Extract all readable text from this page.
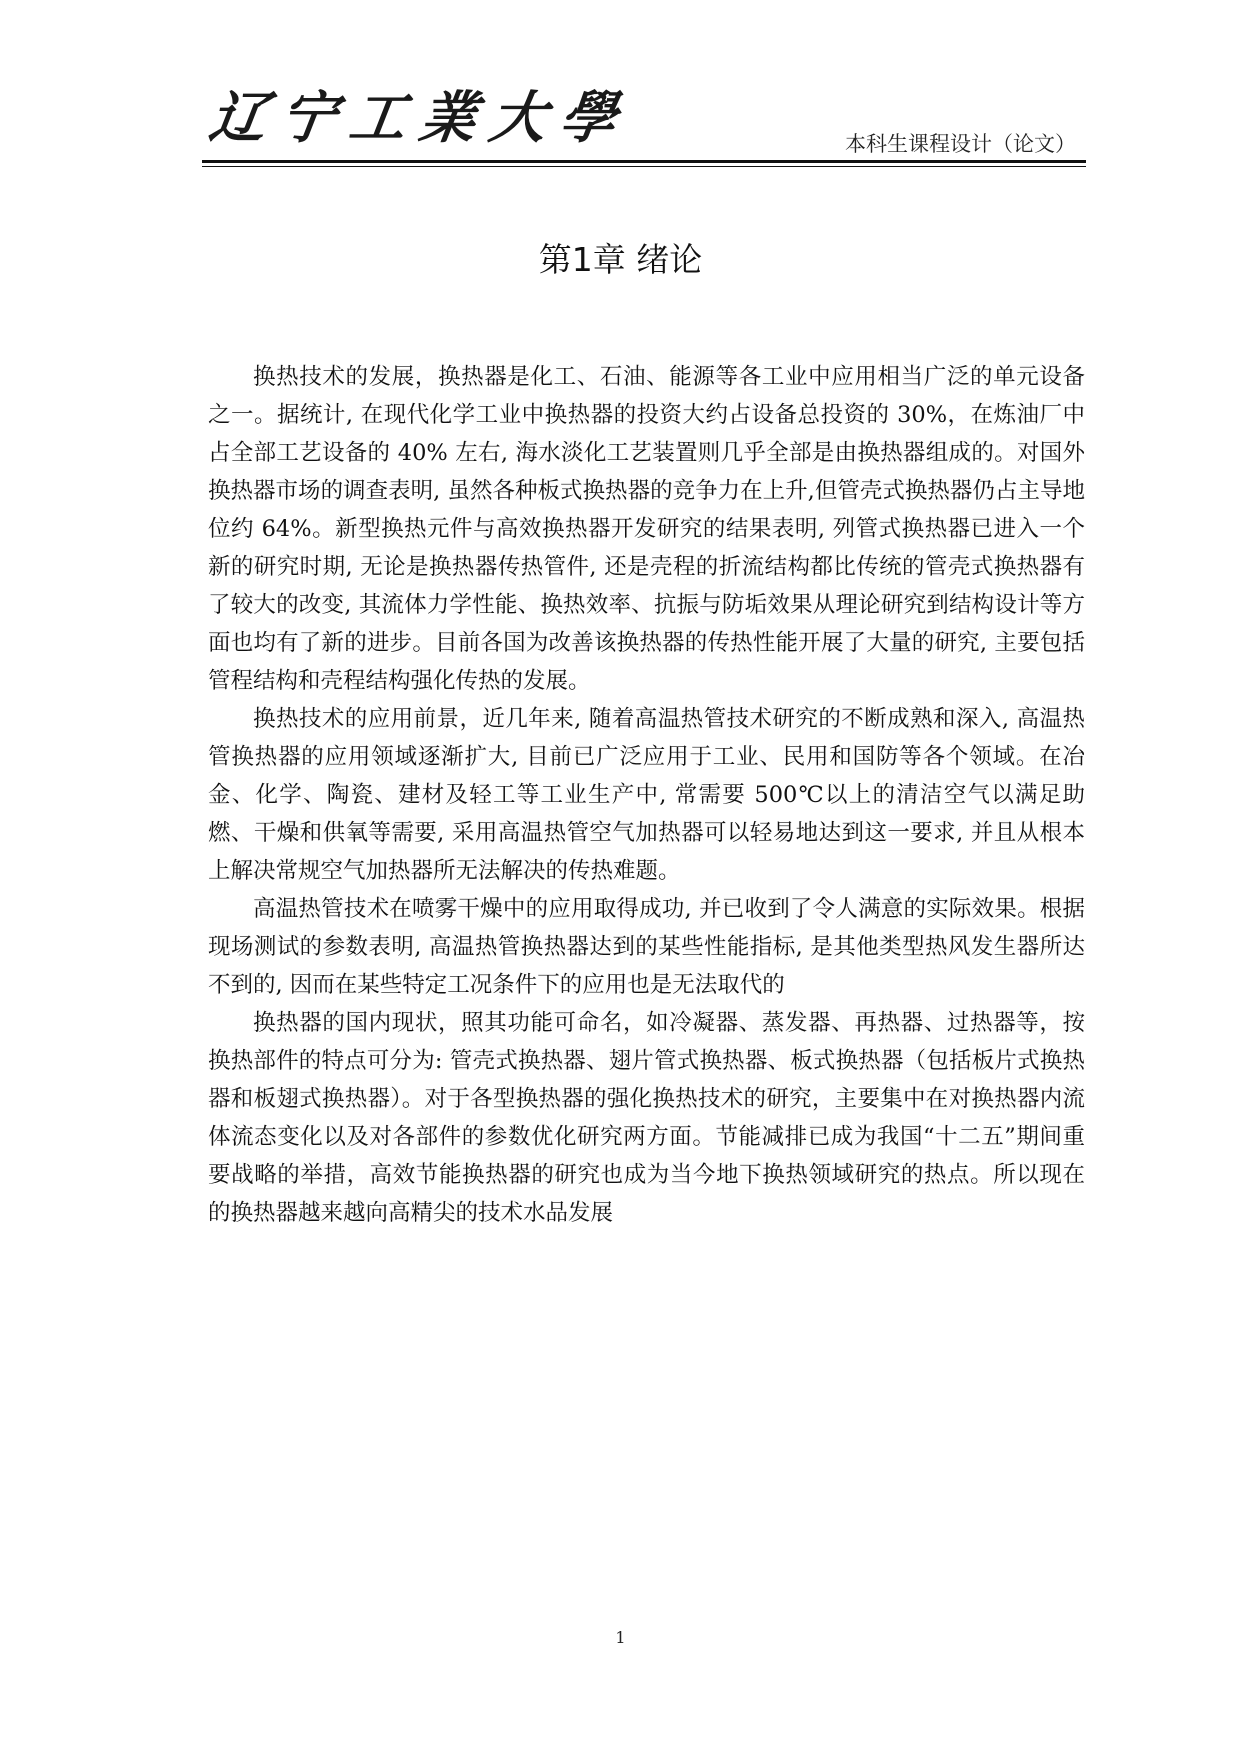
辽宁工業大學	本科生课程设计（论文）
第1章 绪论

换热技术的发展，换热器是化工、石油、能源等各工业中应用相当广泛的单元设备之一。据统计, 在现代化学工业中换热器的投资大约占设备总投资的 30%，在炼油厂中占全部工艺设备的 40% 左右, 海水淡化工艺装置则几乎全部是由换热器组成的。对国外换热器市场的调查表明, 虽然各种板式换热器的竞争力在上升,但管壳式换热器仍占主导地位约 64%。新型换热元件与高效换热器开发研究的结果表明, 列管式换热器已进入一个新的研究时期, 无论是换热器传热管件, 还是壳程的折流结构都比传统的管壳式换热器有了较大的改变, 其流体力学性能、换热效率、抗振与防垢效果从理论研究到结构设计等方面也均有了新的进步。目前各国为改善该换热器的传热性能开展了大量的研究, 主要包括管程结构和壳程结构强化传热的发展。

换热技术的应用前景，近几年来, 随着高温热管技术研究的不断成熟和深入, 高温热管换热器的应用领域逐渐扩大, 目前已广泛应用于工业、民用和国防等各个领域。在冶金、化学、陶瓷、建材及轻工等工业生产中, 常需要 500℃以上的清洁空气以满足助燃、干燥和供氧等需要, 采用高温热管空气加热器可以轻易地达到这一要求, 并且从根本上解决常规空气加热器所无法解决的传热难题。

高温热管技术在喷雾干燥中的应用取得成功, 并已收到了令人满意的实际效果。根据现场测试的参数表明, 高温热管换热器达到的某些性能指标, 是其他类型热风发生器所达不到的, 因而在某些特定工况条件下的应用也是无法取代的

换热器的国内现状，照其功能可命名，如冷凝器、蒸发器、再热器、过热器等，按换热部件的特点可分为: 管壳式换热器、翅片管式换热器、板式换热器（包括板片式换热器和板翅式换热器）。对于各型换热器的强化换热技术的研究，主要集中在对换热器内流体流态变化以及对各部件的参数优化研究两方面。节能减排已成为我国“十二五”期间重要战略的举措，高效节能换热器的研究也成为当今地下换热领域研究的热点。所以现在的换热器越来越向高精尖的技术水品发展

1
